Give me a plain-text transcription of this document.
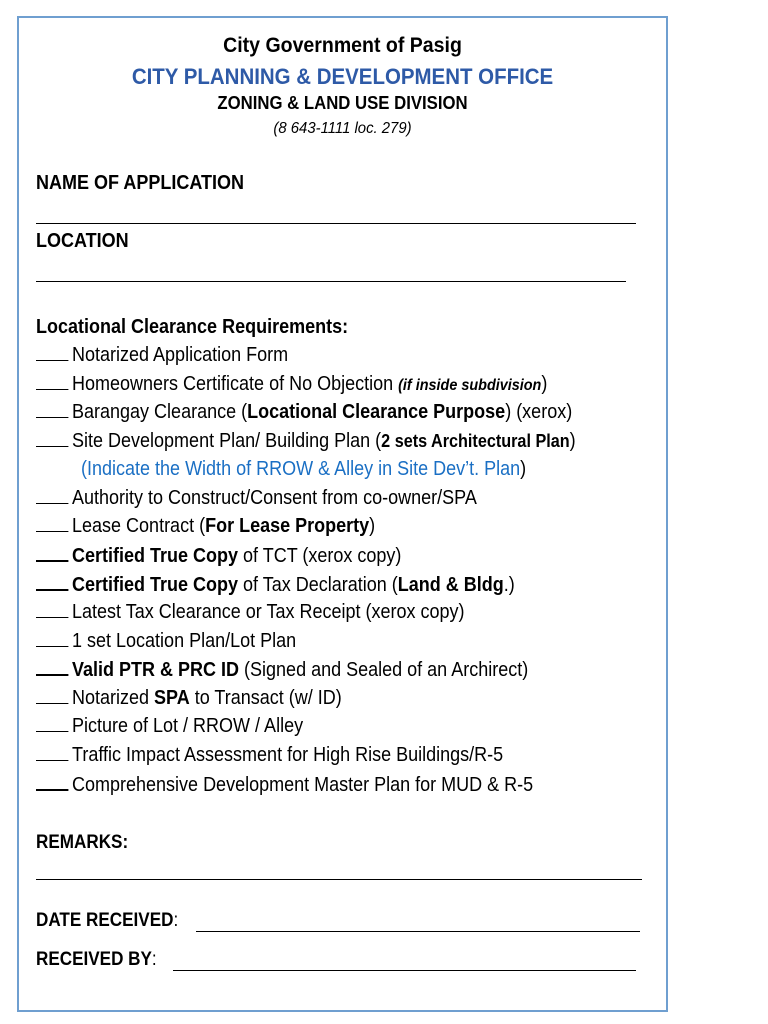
City Government of Pasig
CITY PLANNING & DEVELOPMENT OFFICE
ZONING & LAND USE DIVISION
(8 643-1111 loc. 279)
NAME OF APPLICATION
LOCATION
Locational Clearance Requirements:
Notarized Application Form
Homeowners Certificate of No Objection (if inside subdivision)
Barangay Clearance (Locational Clearance Purpose) (xerox)
Site Development Plan/ Building Plan (2 sets Architectural Plan)
(Indicate the Width of RROW & Alley in Site Dev’t. Plan)
Authority to Construct/Consent from co-owner/SPA
Lease Contract (For Lease Property)
Certified True Copy of TCT (xerox copy)
Certified True Copy of Tax Declaration (Land & Bldg.)
Latest Tax Clearance or Tax Receipt (xerox copy)
1 set Location Plan/Lot Plan
Valid PTR & PRC ID (Signed and Sealed of an Archirect)
Notarized SPA to Transact (w/ ID)
Picture of Lot / RROW / Alley
Traffic Impact Assessment for High Rise Buildings/R-5
Comprehensive Development Master Plan for MUD & R-5
REMARKS:
DATE RECEIVED:
RECEIVED BY:
